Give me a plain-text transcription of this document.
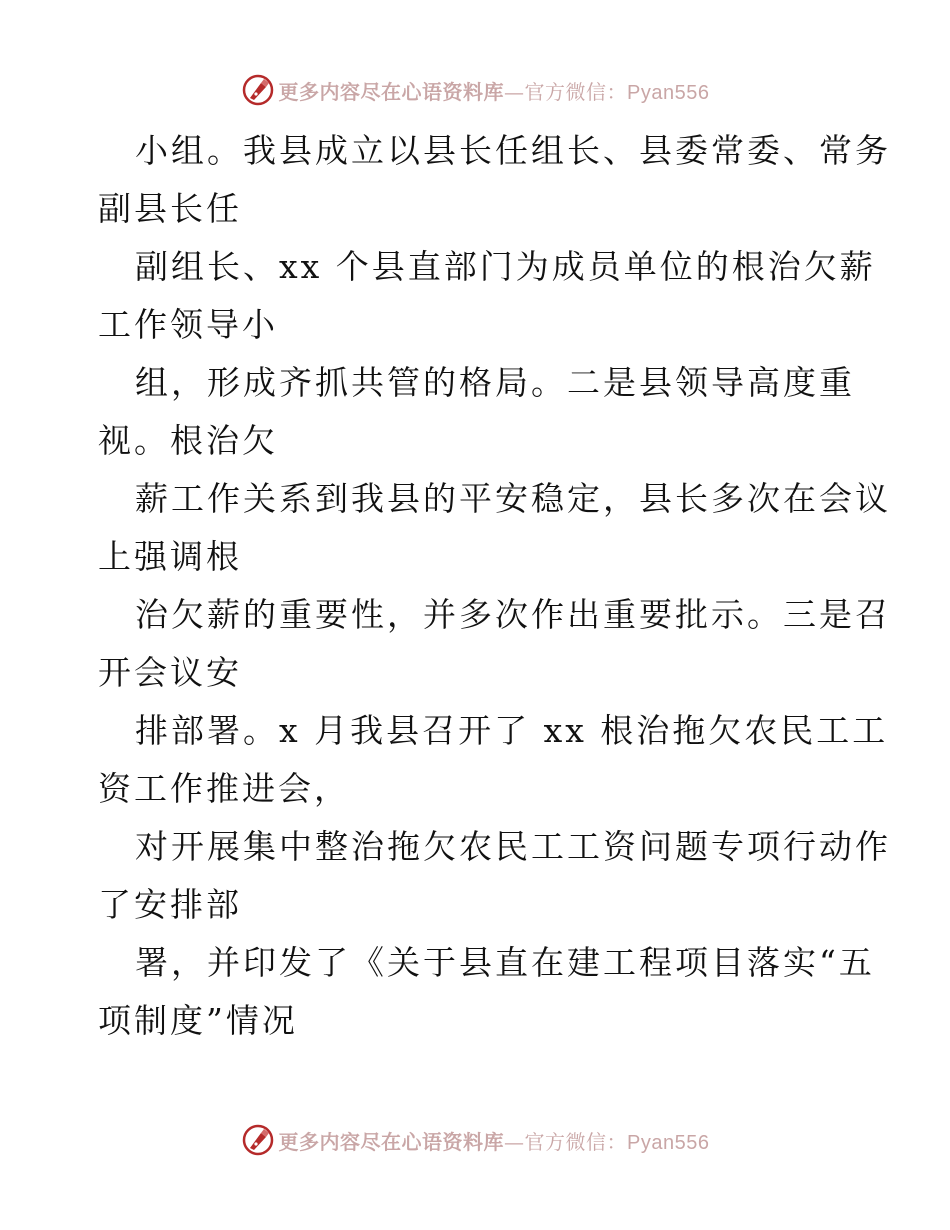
更多内容尽在心语资料库 — 官方微信： Pyan556

小组。我县成立以县长任组长、县委常委、常务
副县长任

副组长、xx 个县直部门为成员单位的根治欠薪
工作领导小

组，形成齐抓共管的格局。二是县领导高度重
视。根治欠

薪工作关系到我县的平安稳定，县长多次在会议
上强调根

治欠薪的重要性，并多次作出重要批示。三是召
开会议安

排部署。x 月我县召开了 xx 根治拖欠农民工工
资工作推进会，

对开展集中整治拖欠农民工工资问题专项行动作
了安排部

署，并印发了《关于县直在建工程项目落实“五
项制度”情况

更多内容尽在心语资料库 — 官方微信： Pyan556
